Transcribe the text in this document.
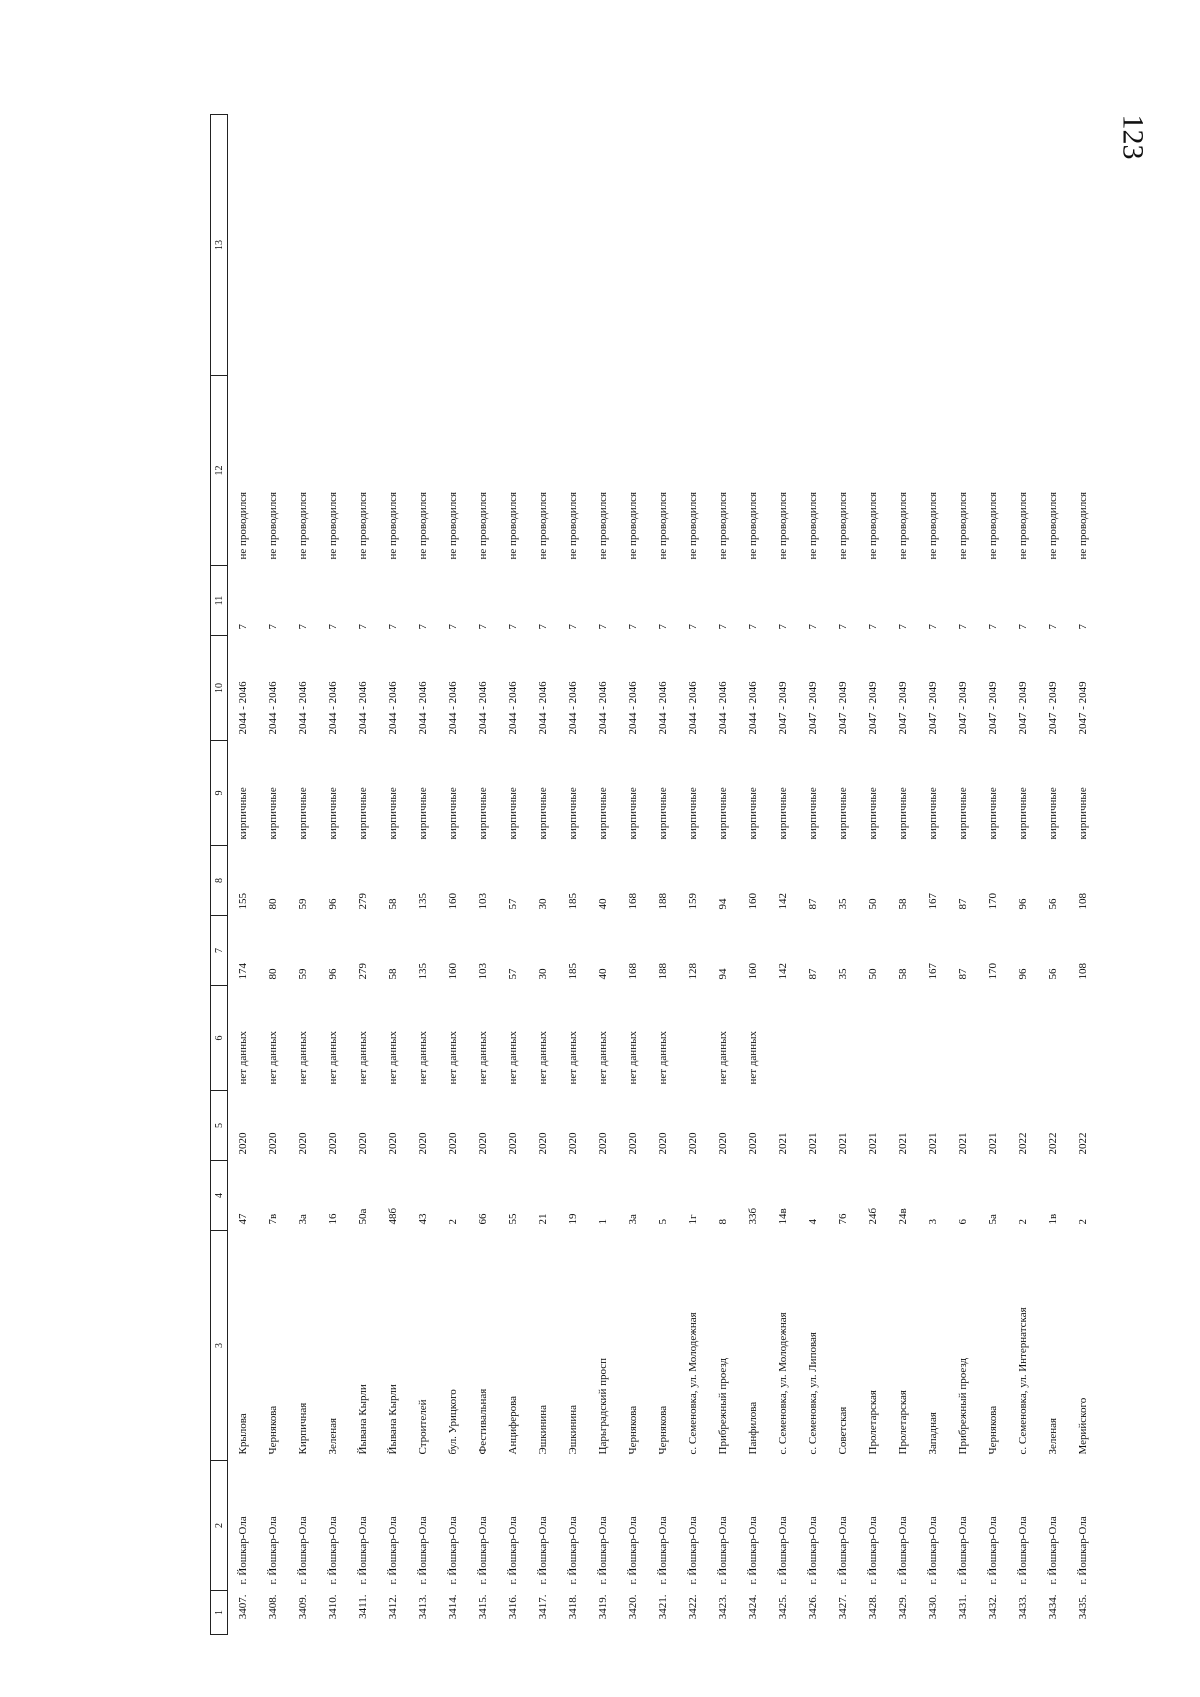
123
1	2	3	4	5	6	7	8	9	10	11	12	13
3407.	г. Йошкар-Ола	Крылова	47	2020	нет данных	174	155	кирпичные	2044 - 2046	7	не проводился	
3408.	г. Йошкар-Ола	Чернякова	7в	2020	нет данных	80	80	кирпичные	2044 - 2046	7	не проводился	
3409.	г. Йошкар-Ола	Кирпичная	3а	2020	нет данных	59	59	кирпичные	2044 - 2046	7	не проводился	
3410.	г. Йошкар-Ола	Зеленая	16	2020	нет данных	96	96	кирпичные	2044 - 2046	7	не проводился	
3411.	г. Йошкар-Ола	Йывана Кырли	50а	2020	нет данных	279	279	кирпичные	2044 - 2046	7	не проводился	
3412.	г. Йошкар-Ола	Йывана Кырли	48б	2020	нет данных	58	58	кирпичные	2044 - 2046	7	не проводился	
3413.	г. Йошкар-Ола	Строителей	43	2020	нет данных	135	135	кирпичные	2044 - 2046	7	не проводился	
3414.	г. Йошкар-Ола	бул. Урицкого	2	2020	нет данных	160	160	кирпичные	2044 - 2046	7	не проводился	
3415.	г. Йошкар-Ола	Фестивальная	66	2020	нет данных	103	103	кирпичные	2044 - 2046	7	не проводился	
3416.	г. Йошкар-Ола	Анциферова	55	2020	нет данных	57	57	кирпичные	2044 - 2046	7	не проводился	
3417.	г. Йошкар-Ола	Эшкинина	21	2020	нет данных	30	30	кирпичные	2044 - 2046	7	не проводился	
3418.	г. Йошкар-Ола	Эшкинина	19	2020	нет данных	185	185	кирпичные	2044 - 2046	7	не проводился	
3419.	г. Йошкар-Ола	Царьградский просп	1	2020	нет данных	40	40	кирпичные	2044 - 2046	7	не проводился	
3420.	г. Йошкар-Ола	Чернякова	3а	2020	нет данных	168	168	кирпичные	2044 - 2046	7	не проводился	
3421.	г. Йошкар-Ола	Чернякова	5	2020	нет данных	188	188	кирпичные	2044 - 2046	7	не проводился	
3422.	г. Йошкар-Ола	с. Семеновка, ул. Молодежная	1г	2020		128	159	кирпичные	2044 - 2046	7	не проводился	
3423.	г. Йошкар-Ола	Прибрежный проезд	8	2020	нет данных	94	94	кирпичные	2044 - 2046	7	не проводился	
3424.	г. Йошкар-Ола	Панфилова	33б	2020	нет данных	160	160	кирпичные	2044 - 2046	7	не проводился	
3425.	г. Йошкар-Ола	с. Семеновка, ул. Молодежная	14в	2021		142	142	кирпичные	2047 - 2049	7	не проводился	
3426.	г. Йошкар-Ола	с. Семеновка, ул. Липовая	4	2021		87	87	кирпичные	2047 - 2049	7	не проводился	
3427.	г. Йошкар-Ола	Советская	76	2021		35	35	кирпичные	2047 - 2049	7	не проводился	
3428.	г. Йошкар-Ола	Пролетарская	24б	2021		50	50	кирпичные	2047 - 2049	7	не проводился	
3429.	г. Йошкар-Ола	Пролетарская	24в	2021		58	58	кирпичные	2047 - 2049	7	не проводился	
3430.	г. Йошкар-Ола	Западная	3	2021		167	167	кирпичные	2047 - 2049	7	не проводился	
3431.	г. Йошкар-Ола	Прибрежный проезд	6	2021		87	87	кирпичные	2047 - 2049	7	не проводился	
3432.	г. Йошкар-Ола	Чернякова	5а	2021		170	170	кирпичные	2047 - 2049	7	не проводился	
3433.	г. Йошкар-Ола	с. Семеновка, ул. Интернатская	2	2022		96	96	кирпичные	2047 - 2049	7	не проводился	
3434.	г. Йошкар-Ола	Зеленая	1в	2022		56	56	кирпичные	2047 - 2049	7	не проводился	
3435.	г. Йошкар-Ола	Мерийского	2	2022		108	108	кирпичные	2047 - 2049	7	не проводился	
